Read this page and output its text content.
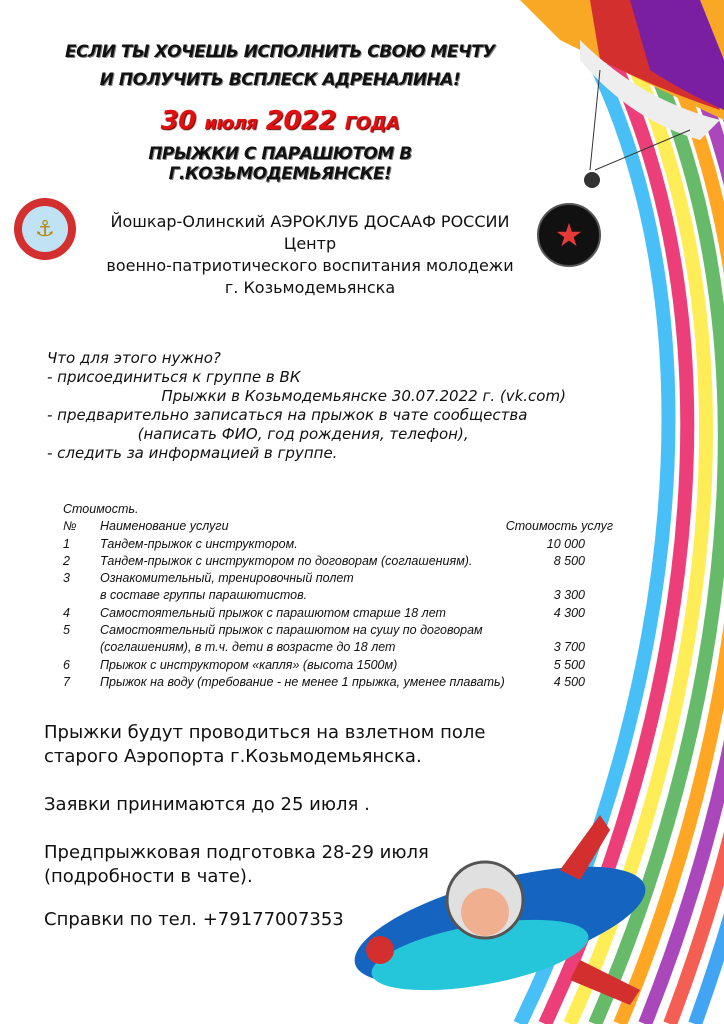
⚓	★
ЕСЛИ ТЫ ХОЧЕШЬ ИСПОЛНИТЬ СВОЮ МЕЧТУ
И ПОЛУЧИТЬ ВСПЛЕСК АДРЕНАЛИНА!
30 июля 2022 ГОДА
ПРЫЖКИ С ПАРАШЮТОМ В Г.КОЗЬМОДЕМЬЯНСКЕ!
Йошкар-Олинский АЭРОКЛУБ ДОСААФ РОССИИ
Центр
военно-патриотического воспитания молодежи
г. Козьмодемьянска
Что для этого нужно?
- присоединиться к группе в ВК
Прыжки в Козьмодемьянске 30.07.2022 г. (vk.com)
- предварительно записаться на прыжок в чате сообщества
(написать ФИО, год рождения, телефон),
- следить за информацией в группе.
Стоимость.
№	Наименование услуги	Стоимость услуг
1	Тандем-прыжок с инструктором.	10 000
2	Тандем-прыжок с инструктором по договорам (соглашениям).	8 500
3	Ознакомительный, тренировочный полет
в составе группы парашютистов.	3 300
4	Самостоятельный прыжок с парашютом старше 18 лет	4 300
5	Самостоятельный прыжок с парашютом на сушу по договорам
(соглашениям), в т.ч. дети в возрасте до 18 лет	3 700
6	Прыжок с инструктором «капля» (высота 1500м)	5 500
7	Прыжок на воду (требование - не менее 1 прыжка, уменее плавать)	4 500
Прыжки будут проводиться на взлетном поле
старого Аэропорта г.Козьмодемьянска.
Заявки принимаются до 25 июля .
Предпрыжковая подготовка 28-29 июля
(подробности в чате).
Справки по тел. +79177007353
